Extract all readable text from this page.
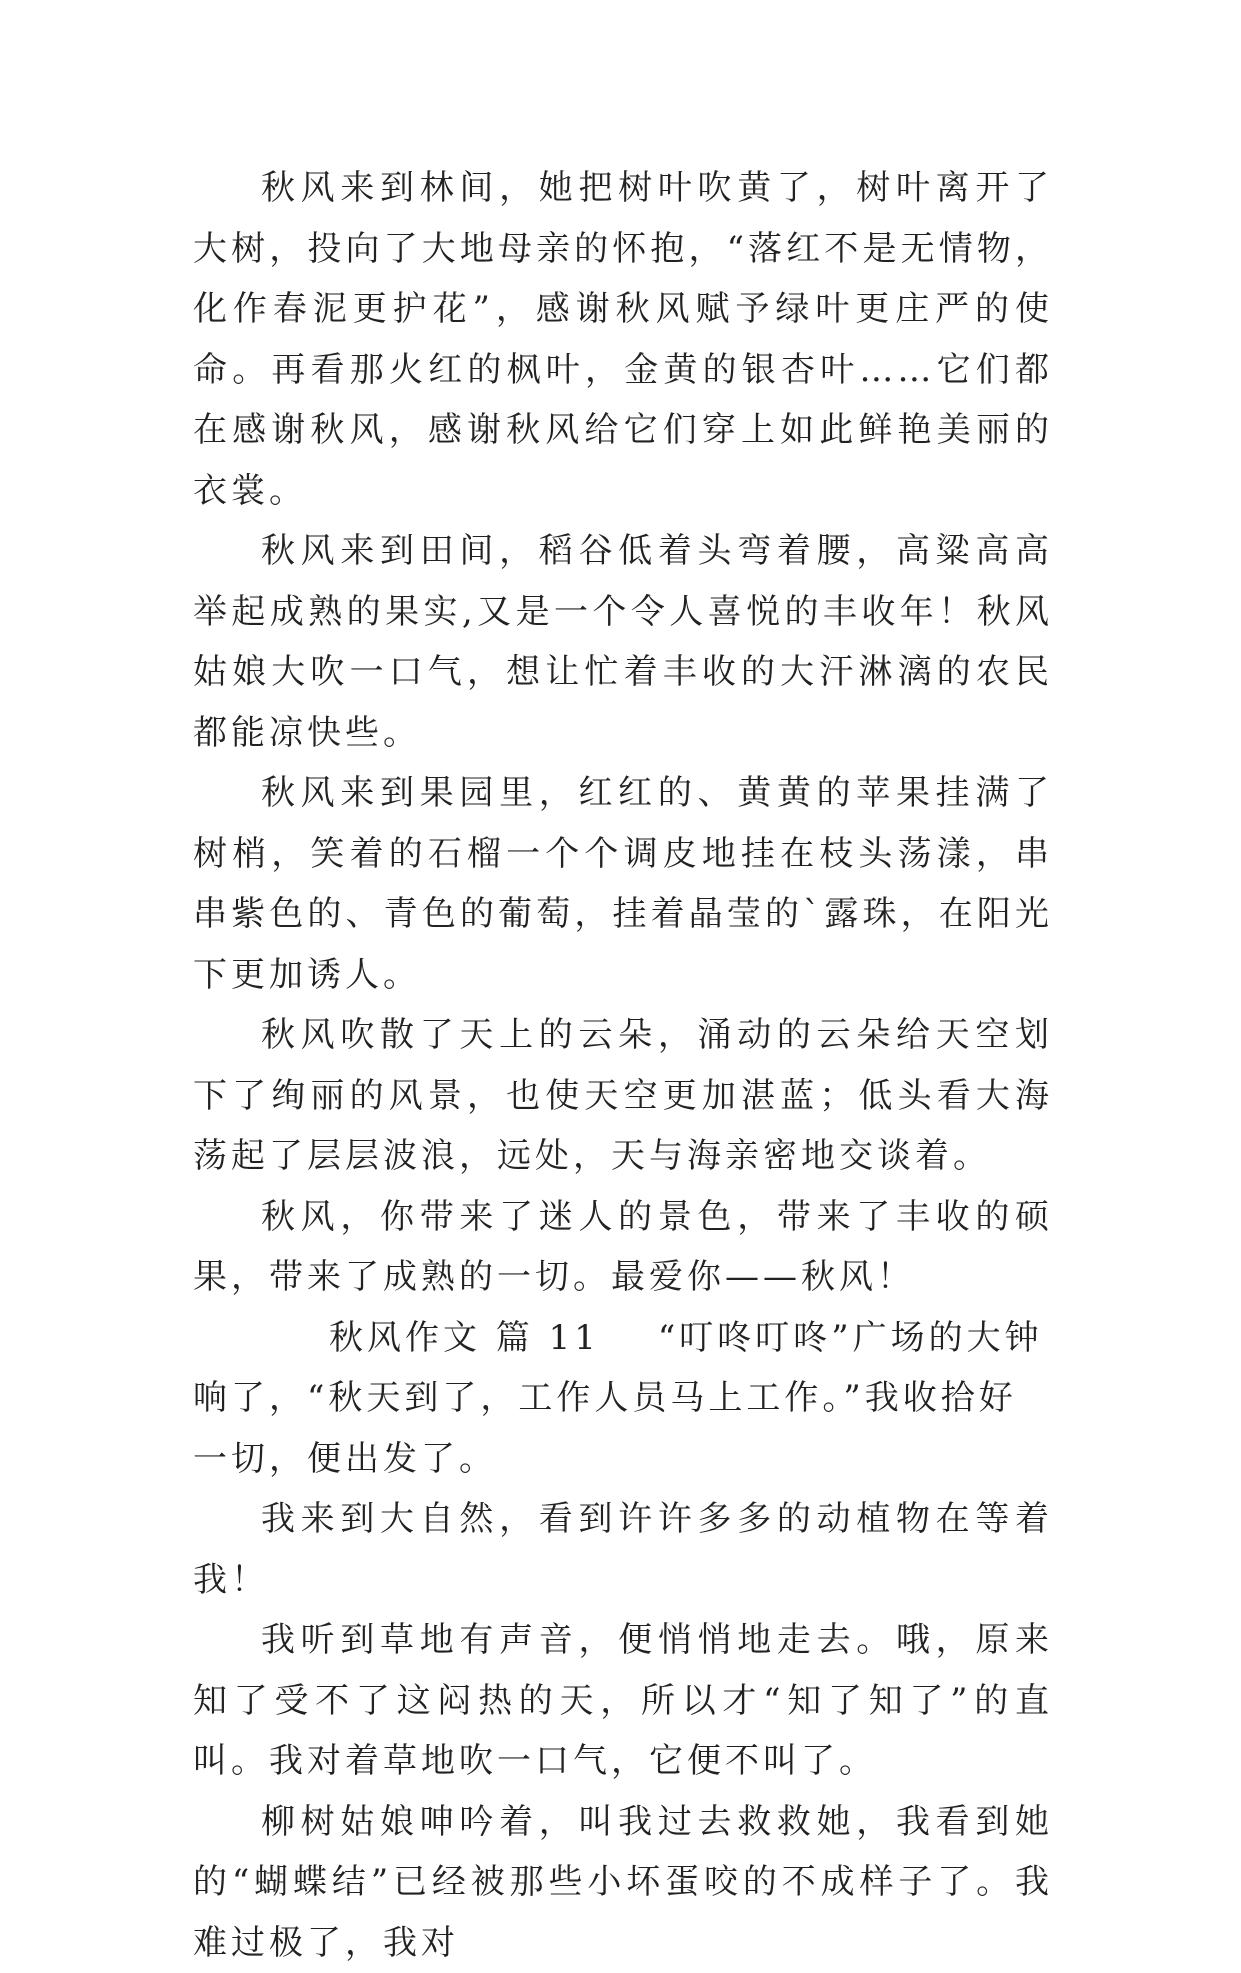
秋风来到林间，她把树叶吹黄了，树叶离开了大树，投向了大地母亲的怀抱，“落红不是无情物，化作春泥更护花”，感谢秋风赋予绿叶更庄严的使命。再看那火红的枫叶，金黄的银杏叶……它们都在感谢秋风，感谢秋风给它们穿上如此鲜艳美丽的衣裳。

秋风来到田间，稻谷低着头弯着腰，高粱高高举起成熟的果实,又是一个令人喜悦的丰收年！秋风姑娘大吹一口气，想让忙着丰收的大汗淋漓的农民都能凉快些。

秋风来到果园里，红红的、黄黄的苹果挂满了树梢，笑着的石榴一个个调皮地挂在枝头荡漾，串串紫色的、青色的葡萄，挂着晶莹的`露珠，在阳光下更加诱人。

秋风吹散了天上的云朵，涌动的云朵给天空划下了绚丽的风景，也使天空更加湛蓝；低头看大海荡起了层层波浪，远处，天与海亲密地交谈着。

秋风，你带来了迷人的景色，带来了丰收的硕果，带来了成熟的一切。最爱你——秋风！

秋风作文 篇 11 “叮咚叮咚”广场的大钟响了，“秋天到了，工作人员马上工作。”我收拾好一切，便出发了。

我来到大自然，看到许许多多的动植物在等着我！

我听到草地有声音，便悄悄地走去。哦，原来知了受不了这闷热的天，所以才“知了知了”的直叫。我对着草地吹一口气，它便不叫了。

柳树姑娘呻吟着，叫我过去救救她，我看到她的“蝴蝶结”已经被那些小坏蛋咬的不成样子了。我难过极了，我对
